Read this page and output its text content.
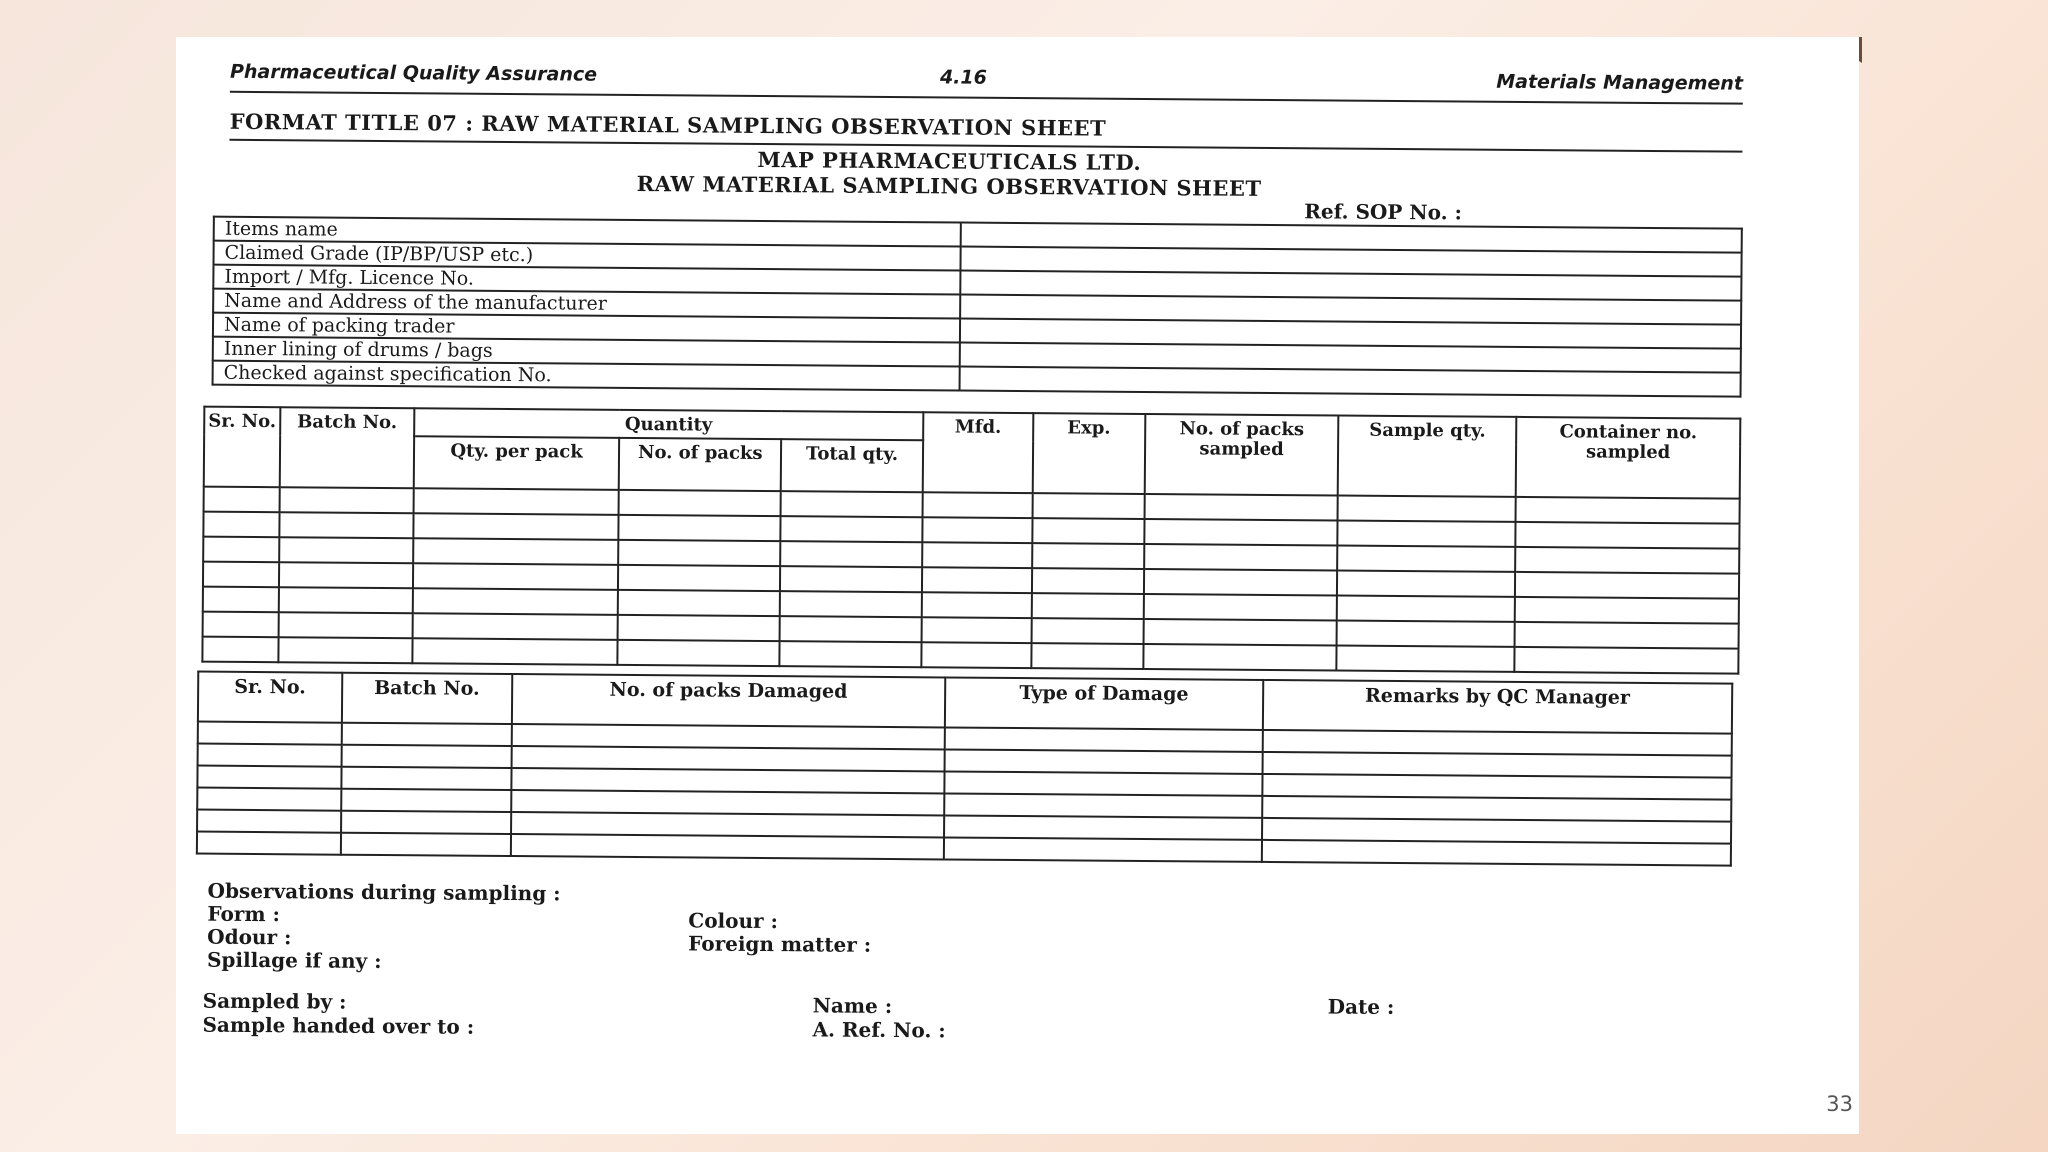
Pharmaceutical Quality Assurance	4.16	Materials Management
FORMAT TITLE 07 : RAW MATERIAL SAMPLING OBSERVATION SHEET
MAP PHARMACEUTICALS LTD.
RAW MATERIAL SAMPLING OBSERVATION SHEET
Ref. SOP No. :
Items name	
Claimed Grade (IP/BP/USP etc.)	
Import / Mfg. Licence No.	
Name and Address of the manufacturer	
Name of packing trader	
Inner lining of drums / bags	
Checked against specification No.	
Sr. No.	Batch No.	Quantity			Mfd.	Exp.	No. of packs sampled	Sample qty.	Container no. sampled
		Qty. per pack	No. of packs	Total qty.					

Sr. No.	Batch No.	No. of packs Damaged	Type of Damage	Remarks by QC Manager

Observations during sampling :
Form :
Odour :
Spillage if any :
Colour :
Foreign matter :
Sampled by :
Sample handed over to :
Name :
A. Ref. No. :
Date :
33
